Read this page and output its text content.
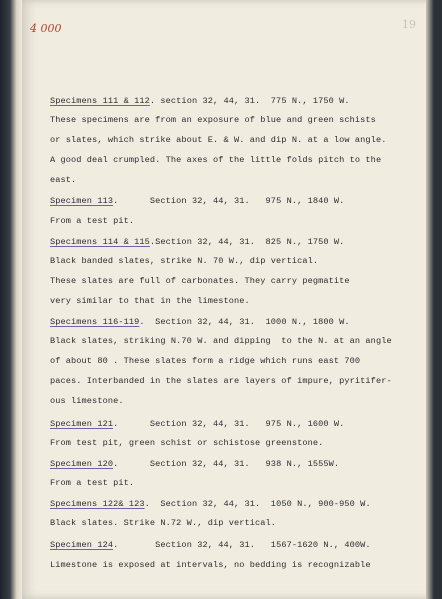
4 000	19
Specimens 111 & 112. section 32, 44, 31.  775 N., 1750 W.
These specimens are from an exposure of blue and green schists
or slates, which strike about E. & W. and dip N. at a low angle.
A good deal crumpled. The axes of the little folds pitch to the
east.
Specimen 113.      Section 32, 44, 31.   975 N., 1840 W.
From a test pit.
Specimens 114 & 115.Section 32, 44, 31.  825 N., 1750 W.
Black banded slates, strike N. 70 W., dip vertical.
These slates are full of carbonates. They carry pegmatite
very similar to that in the limestone.
Specimens 116-119.  Section 32, 44, 31.  1000 N., 1800 W.
Black slates, striking N.70 W. and dipping  to the N. at an angle
of about 80 . These slates form a ridge which runs east 700
paces. Interbanded in the slates are layers of impure, pyritifer-
ous limestone.
Specimen 121.      Section 32, 44, 31.   975 N., 1600 W.
From test pit, green schist or schistose greenstone.
Specimen 120.      Section 32, 44, 31.   938 N., 1555W.
From a test pit.
Specimens 122& 123.  Section 32, 44, 31.  1050 N., 900-950 W.
Black slates. Strike N.72 W., dip vertical.
Specimen 124.       Section 32, 44, 31.   1567-1620 N., 400W.
Limestone is exposed at intervals, no bedding is recognizable
